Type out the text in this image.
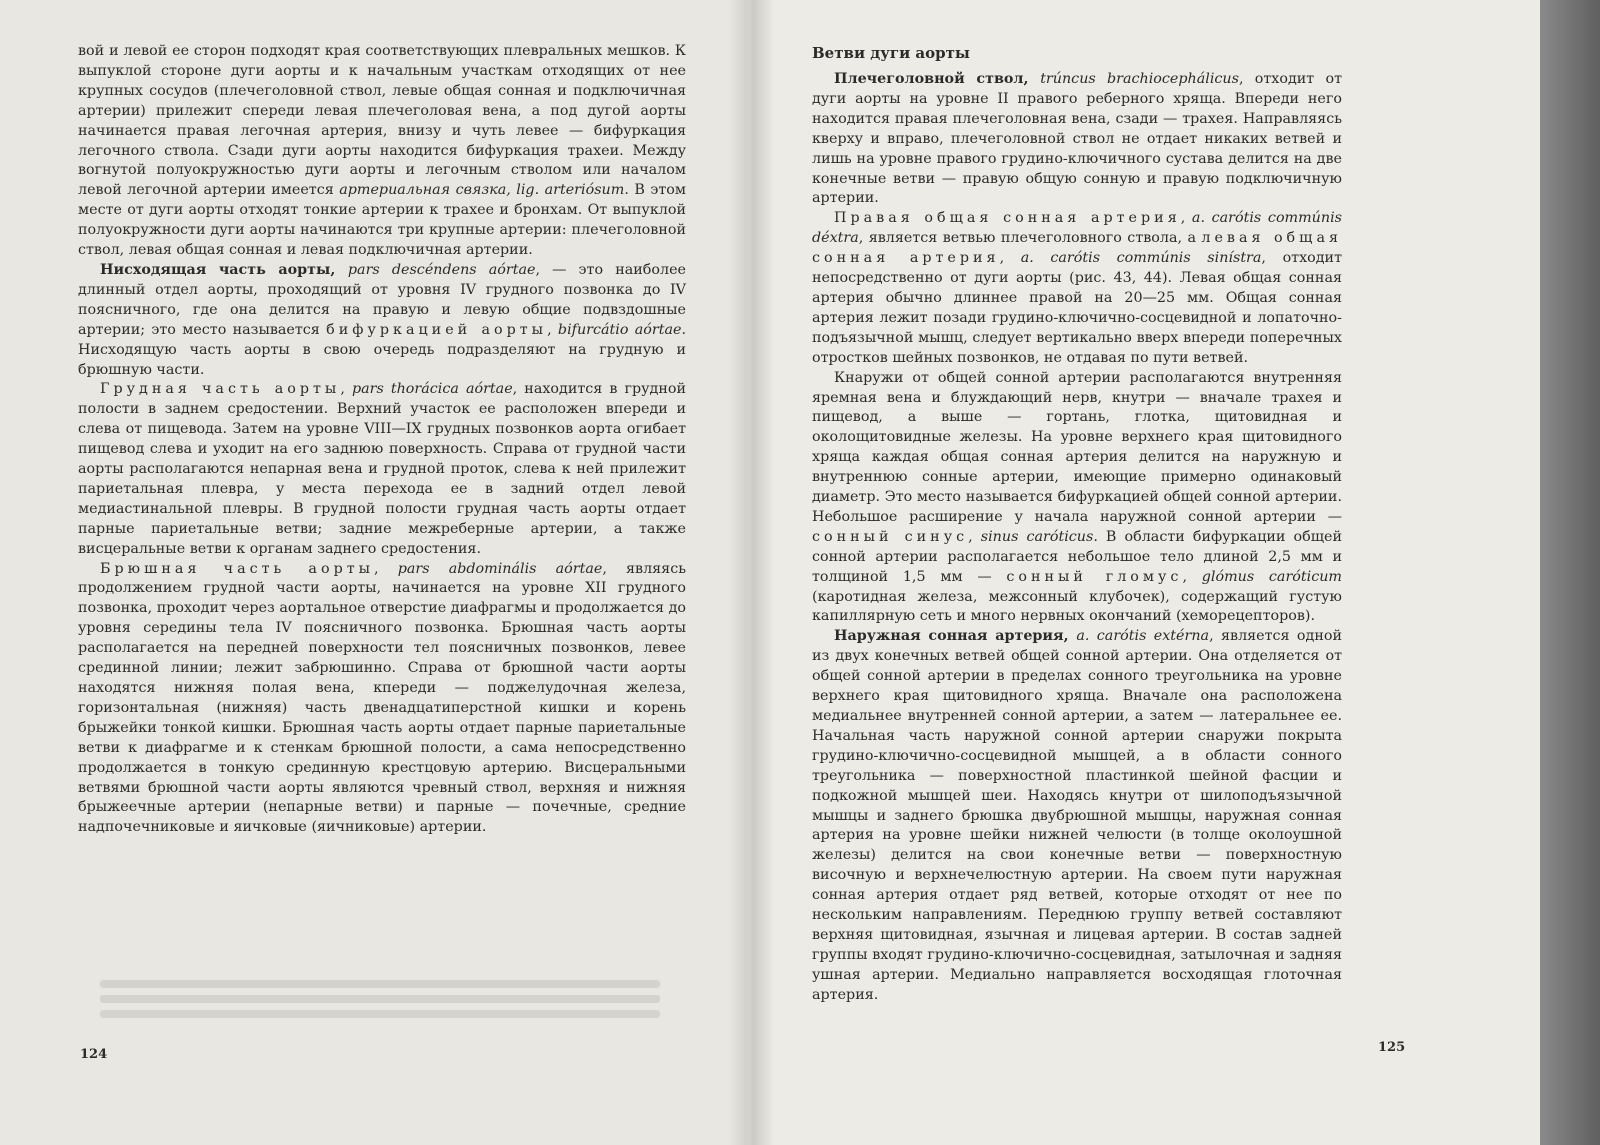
вой и левой ее сторон подходят края соответствующих плевральных мешков. К выпуклой стороне дуги аорты и к начальным участкам отходящих от нее крупных сосудов (плечеголовной ствол, левые общая сонная и подключичная артерии) прилежит спереди левая плечеголовая вена, а под дугой аорты начинается правая легочная артерия, внизу и чуть левее — бифуркация легочного ствола. Сзади дуги аорты находится бифуркация трахеи. Между вогнутой полуокружностью дуги аорты и легочным стволом или началом левой легочной артерии имеется артериальная связка, lig. arteriósum. В этом месте от дуги аорты отходят тонкие артерии к трахее и бронхам. От выпуклой полуокружности дуги аорты начинаются три крупные артерии: плечеголовной ствол, левая общая сонная и левая подключичная артерии.

Нисходящая часть аорты, pars descéndens aórtae, — это наиболее длинный отдел аорты, проходящий от уровня IV грудного позвонка до IV поясничного, где она делится на правую и левую общие подвздошные артерии; это место называется бифуркацией аорты, bifurcátio aórtae. Нисходящую часть аорты в свою очередь подразделяют на грудную и брюшную части.

Грудная часть аорты, pars thorácica aórtae, находится в грудной полости в заднем средостении. Верхний участок ее расположен впереди и слева от пищевода. Затем на уровне VIII—IX грудных позвонков аорта огибает пищевод слева и уходит на его заднюю поверхность. Справа от грудной части аорты располагаются непарная вена и грудной проток, слева к ней прилежит париетальная плевра, у места перехода ее в задний отдел левой медиастинальной плевры. В грудной полости грудная часть аорты отдает парные париетальные ветви; задние межреберные артерии, а также висцеральные ветви к органам заднего средостения.

Брюшная часть аорты, pars abdominális aórtae, являясь продолжением грудной части аорты, начинается на уровне XII грудного позвонка, проходит через аортальное отверстие диафрагмы и продолжается до уровня середины тела IV поясничного позвонка. Брюшная часть аорты располагается на передней поверхности тел поясничных позвонков, левее срединной линии; лежит забрюшинно. Справа от брюшной части аорты находятся нижняя полая вена, кпереди — поджелудочная железа, горизонтальная (нижняя) часть двенадцатиперстной кишки и корень брыжейки тонкой кишки. Брюшная часть аорты отдает парные париетальные ветви к диафрагме и к стенкам брюшной полости, а сама непосредственно продолжается в тонкую срединную крестцовую артерию. Висцеральными ветвями брюшной части аорты являются чревный ствол, верхняя и нижняя брыжеечные артерии (непарные ветви) и парные — почечные, средние надпочечниковые и яичковые (яичниковые) артерии.

124
Ветви дуги аорты

Плечеголовной ствол, trúncus brachiocephálicus, отходит от дуги аорты на уровне II правого реберного хряща. Впереди него находится правая плечеголовная вена, сзади — трахея. Направляясь кверху и вправо, плечеголовной ствол не отдает никаких ветвей и лишь на уровне правого грудино-ключичного сустава делится на две конечные ветви — правую общую сонную и правую подключичную артерии.

Правая общая сонная артерия, a. carótis commúnis déxtra, является ветвью плечеголовного ствола, а левая общая сонная артерия, a. carótis commúnis sinístra, отходит непосредственно от дуги аорты (рис. 43, 44). Левая общая сонная артерия обычно длиннее правой на 20—25 мм. Общая сонная артерия лежит позади грудино-ключично-сосцевидной и лопаточно-подъязычной мышц, следует вертикально вверх впереди поперечных отростков шейных позвонков, не отдавая по пути ветвей.

Кнаружи от общей сонной артерии располагаются внутренняя яремная вена и блуждающий нерв, кнутри — вначале трахея и пищевод, а выше — гортань, глотка, щитовидная и околощитовидные железы. На уровне верхнего края щитовидного хряща каждая общая сонная артерия делится на наружную и внутреннюю сонные артерии, имеющие примерно одинаковый диаметр. Это место называется бифуркацией общей сонной артерии. Небольшое расширение у начала наружной сонной артерии — сонный синус, sinus caróticus. В области бифуркации общей сонной артерии располагается небольшое тело длиной 2,5 мм и толщиной 1,5 мм — сонный гломус, glómus caróticum (каротидная железа, межсонный клубочек), содержащий густую капиллярную сеть и много нервных окончаний (хеморецепторов).

Наружная сонная артерия, a. carótis extérna, является одной из двух конечных ветвей общей сонной артерии. Она отделяется от общей сонной артерии в пределах сонного треугольника на уровне верхнего края щитовидного хряща. Вначале она расположена медиальнее внутренней сонной артерии, а затем — латеральнее ее. Начальная часть наружной сонной артерии снаружи покрыта грудино-ключично-сосцевидной мышцей, а в области сонного треугольника — поверхностной пластинкой шейной фасции и подкожной мышцей шеи. Находясь кнутри от шилоподъязычной мышцы и заднего брюшка двубрюшной мышцы, наружная сонная артерия на уровне шейки нижней челюсти (в толще околоушной железы) делится на свои конечные ветви — поверхностную височную и верхнечелюстную артерии. На своем пути наружная сонная артерия отдает ряд ветвей, которые отходят от нее по нескольким направлениям. Переднюю группу ветвей составляют верхняя щитовидная, язычная и лицевая артерии. В состав задней группы входят грудино-ключично-сосцевидная, затылочная и задняя ушная артерии. Медиально направляется восходящая глоточная артерия.

125
